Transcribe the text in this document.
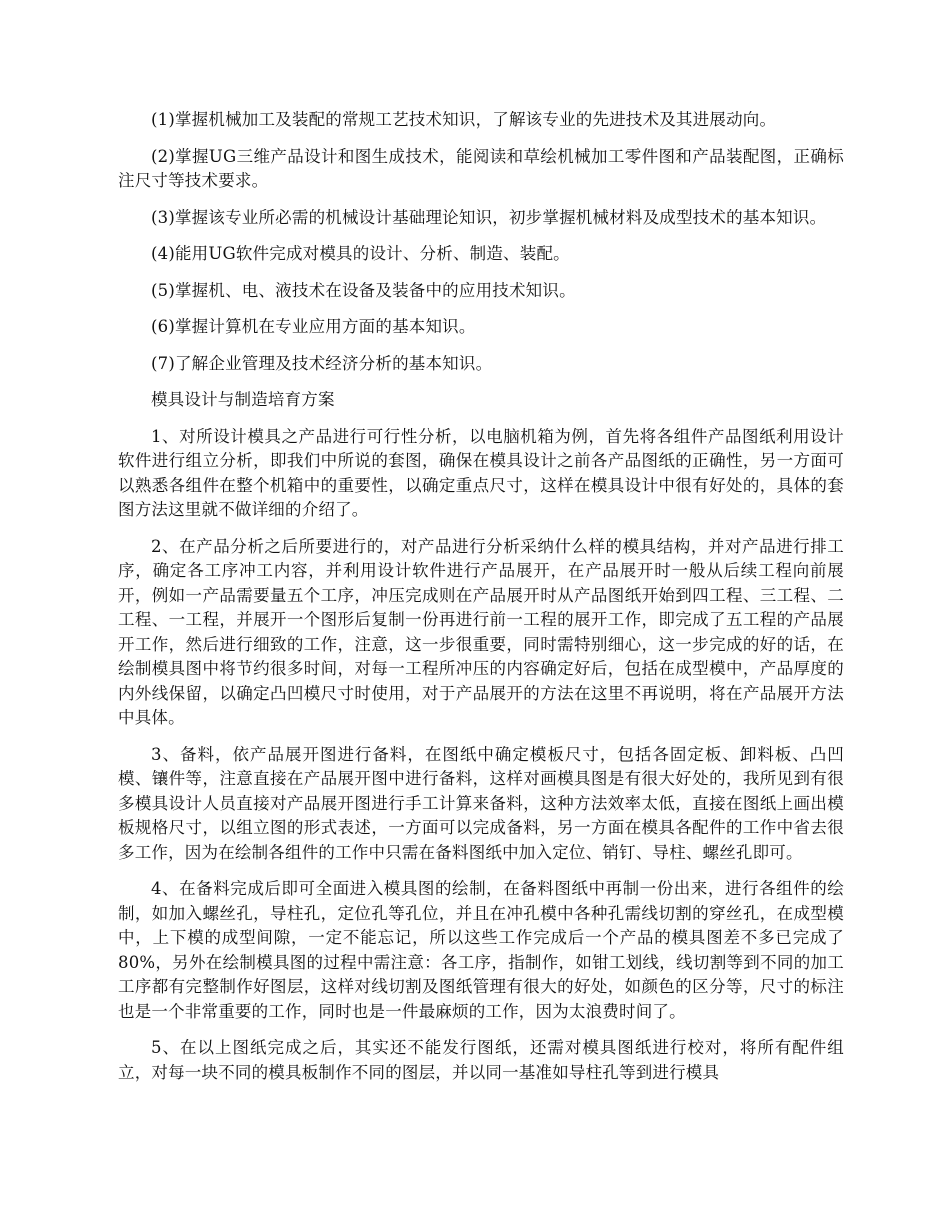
(1)掌握机械加工及装配的常规工艺技术知识，了解该专业的先进技术及其进展动向。

(2)掌握UG三维产品设计和图生成技术，能阅读和草绘机械加工零件图和产品装配图，正确标注尺寸等技术要求。

(3)掌握该专业所必需的机械设计基础理论知识，初步掌握机械材料及成型技术的基本知识。

(4)能用UG软件完成对模具的设计、分析、制造、装配。

(5)掌握机、电、液技术在设备及装备中的应用技术知识。

(6)掌握计算机在专业应用方面的基本知识。

(7)了解企业管理及技术经济分析的基本知识。

模具设计与制造培育方案

1、对所设计模具之产品进行可行性分析，以电脑机箱为例，首先将各组件产品图纸利用设计软件进行组立分析，即我们中所说的套图，确保在模具设计之前各产品图纸的正确性，另一方面可以熟悉各组件在整个机箱中的重要性，以确定重点尺寸，这样在模具设计中很有好处的，具体的套图方法这里就不做详细的介绍了。

2、在产品分析之后所要进行的，对产品进行分析采纳什么样的模具结构，并对产品进行排工序，确定各工序冲工内容，并利用设计软件进行产品展开，在产品展开时一般从后续工程向前展开，例如一产品需要量五个工序，冲压完成则在产品展开时从产品图纸开始到四工程、三工程、二工程、一工程，并展开一个图形后复制一份再进行前一工程的展开工作，即完成了五工程的产品展开工作，然后进行细致的工作，注意，这一步很重要，同时需特别细心，这一步完成的好的话，在绘制模具图中将节约很多时间，对每一工程所冲压的内容确定好后，包括在成型模中，产品厚度的内外线保留，以确定凸凹模尺寸时使用，对于产品展开的方法在这里不再说明，将在产品展开方法中具体。

3、备料，依产品展开图进行备料，在图纸中确定模板尺寸，包括各固定板、卸料板、凸凹模、镶件等，注意直接在产品展开图中进行备料，这样对画模具图是有很大好处的，我所见到有很多模具设计人员直接对产品展开图进行手工计算来备料，这种方法效率太低，直接在图纸上画出模板规格尺寸，以组立图的形式表述，一方面可以完成备料，另一方面在模具各配件的工作中省去很多工作，因为在绘制各组件的工作中只需在备料图纸中加入定位、销钉、导柱、螺丝孔即可。

4、在备料完成后即可全面进入模具图的绘制，在备料图纸中再制一份出来，进行各组件的绘制，如加入螺丝孔，导柱孔，定位孔等孔位，并且在冲孔模中各种孔需线切割的穿丝孔，在成型模中，上下模的成型间隙，一定不能忘记，所以这些工作完成后一个产品的模具图差不多已完成了80%，另外在绘制模具图的过程中需注意：各工序，指制作，如钳工划线，线切割等到不同的加工工序都有完整制作好图层，这样对线切割及图纸管理有很大的好处，如颜色的区分等，尺寸的标注也是一个非常重要的工作，同时也是一件最麻烦的工作，因为太浪费时间了。

5、在以上图纸完成之后，其实还不能发行图纸，还需对模具图纸进行校对，将所有配件组立，对每一块不同的模具板制作不同的图层，并以同一基准如导柱孔等到进行模具
